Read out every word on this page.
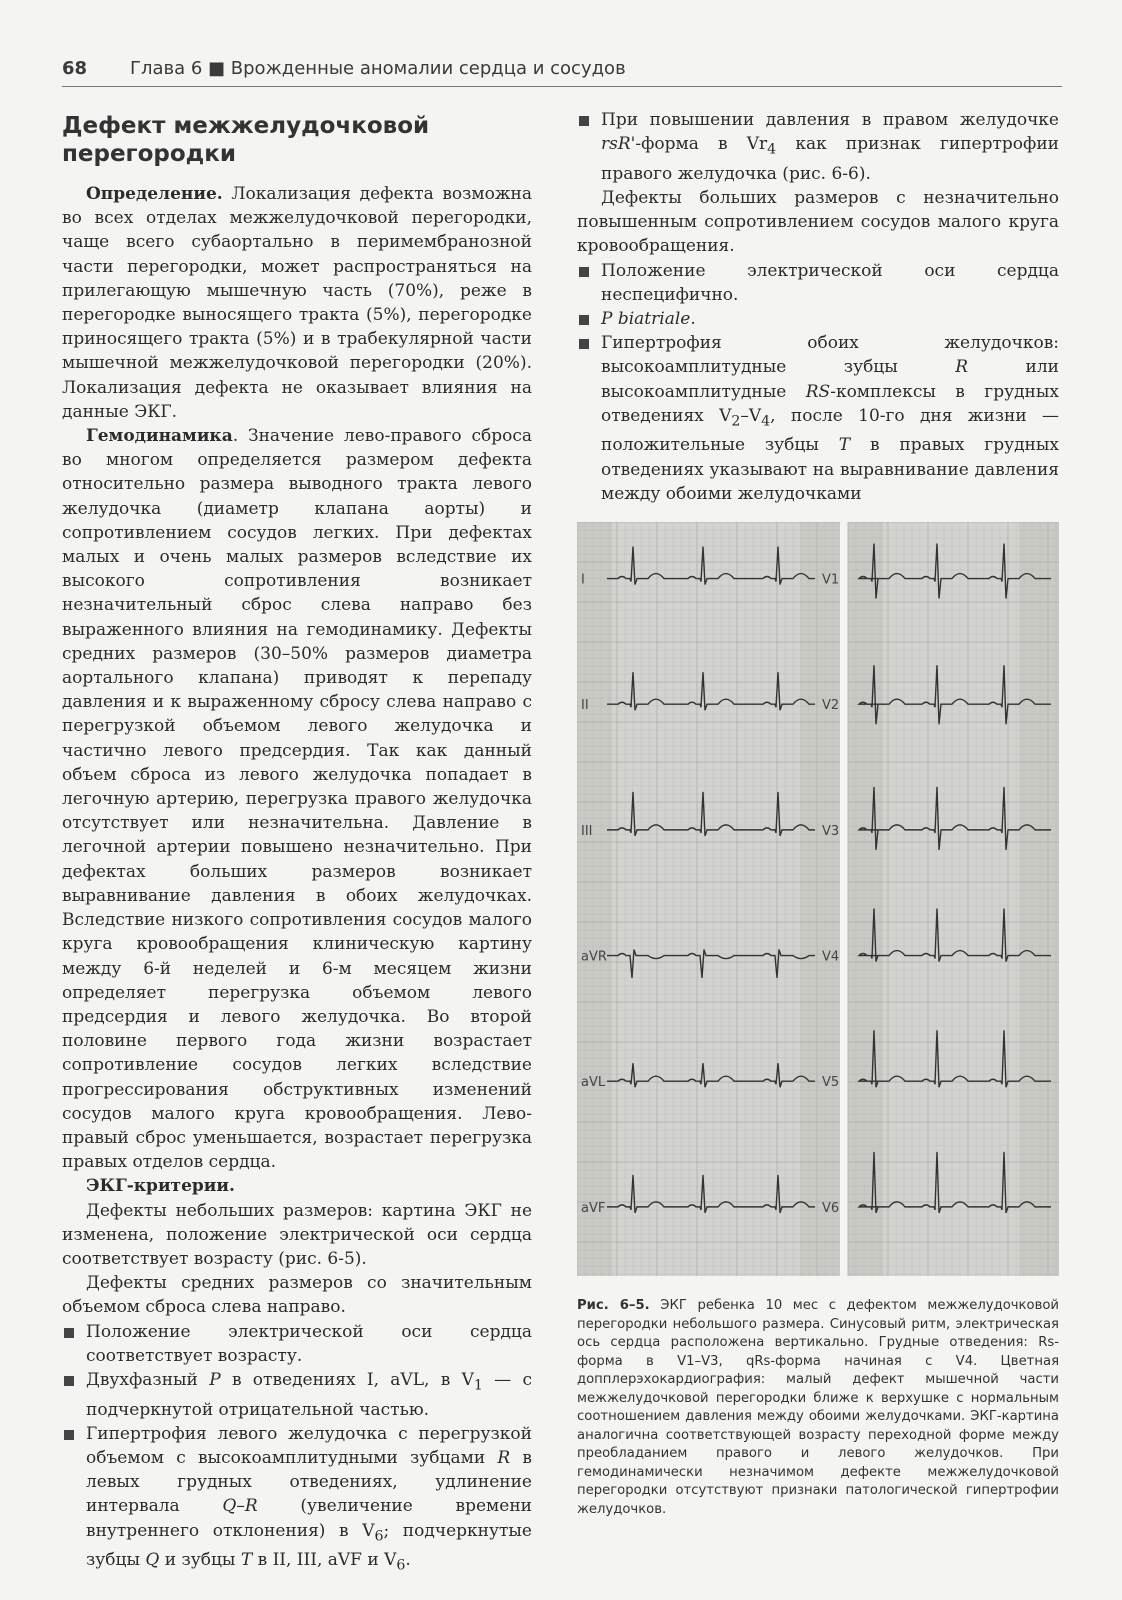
68 Глава 6 ■ Врожденные аномалии сердца и сосудов
Дефект межжелудочковой перегородки

Определение. Локализация дефекта возможна во всех отделах межжелудочковой перегородки, чаще всего субаортально в перимембранозной части перегородки, может распространяться на прилегающую мышечную часть (70%), реже в перегородке выносящего тракта (5%), перегородке приносящего тракта (5%) и в трабекулярной части мышечной межжелудочковой перегородки (20%). Локализация дефекта не оказывает влияния на данные ЭКГ.

Гемодинамика. Значение лево-правого сброса во многом определяется размером дефекта относительно размера выводного тракта левого желудочка (диаметр клапана аорты) и сопротивлением сосудов легких. При дефектах малых и очень малых размеров вследствие их высокого сопротивления возникает незначительный сброс слева направо без выраженного влияния на гемодинамику. Дефекты средних размеров (30–50% размеров диаметра аортального клапана) приводят к перепаду давления и к выраженному сбросу слева направо с перегрузкой объемом левого желудочка и частично левого предсердия. Так как данный объем сброса из левого желудочка попадает в легочную артерию, перегрузка правого желудочка отсутствует или незначительна. Давление в легочной артерии повышено незначительно. При дефектах больших размеров возникает выравнивание давления в обоих желудочках. Вследствие низкого сопротивления сосудов малого круга кровообращения клиническую картину между 6-й неделей и 6-м месяцем жизни определяет перегрузка объемом левого предсердия и левого желудочка. Во второй половине первого года жизни возрастает сопротивление сосудов легких вследствие прогрессирования обструктивных изменений сосудов малого круга кровообращения. Лево-правый сброс уменьшается, возрастает перегрузка правых отделов сердца.

ЭКГ-критерии.

Дефекты небольших размеров: картина ЭКГ не изменена, положение электрической оси сердца соответствует возрасту (рис. 6-5).

Дефекты средних размеров со значительным объемом сброса слева направо.

Положение электрической оси сердца соответствует возрасту.
Двухфазный P в отведениях I, aVL, в $V_1$ — с подчеркнутой отрицательной частью.
Гипертрофия левого желудочка с перегрузкой объемом с высокоамплитудными зубцами R в левых грудных отведениях, удлинение интервала Q–R (увеличение времени внутреннего отклонения) в $V_6$; подчеркнутые зубцы Q и зубцы T в II, III, aVF и $V_6$.
При повышении давления в правом желудочке rsR'-форма в $Vr_4$ как признак гипертрофии правого желудочка (рис. 6-6).

Дефекты больших размеров с незначительно повышенным сопротивлением сосудов малого круга кровообращения.

Положение электрической оси сердца неспецифично.
P biatriale.
Гипертрофия обоих желудочков: высокоамплитудные зубцы R или высокоамплитудные RS-комплексы в грудных отведениях $V_2-V_4$, после 10-го дня жизни — положительные зубцы T в правых грудных отведениях указывают на выравнивание давления между обоими желудочками
I
II
III
aVR
aVL
aVF
V1
V2
V3
V4
V5
V6
Рис. 6–5. ЭКГ ребенка 10 мес с дефектом межжелудочковой перегородки небольшого размера. Синусовый ритм, электрическая ось сердца расположена вертикально. Грудные отведения: Rs-форма в V1–V3, qRs-форма начиная с V4. Цветная допплерэхокардиография: малый дефект мышечной части межжелудочковой перегородки ближе к верхушке с нормальным соотношением давления между обоими желудочками. ЭКГ-картина аналогична соответствующей возрасту переходной форме между преобладанием правого и левого желудочков. При гемодинамически незначимом дефекте межжелудочковой перегородки отсутствуют признаки патологической гипертрофии желудочков.
